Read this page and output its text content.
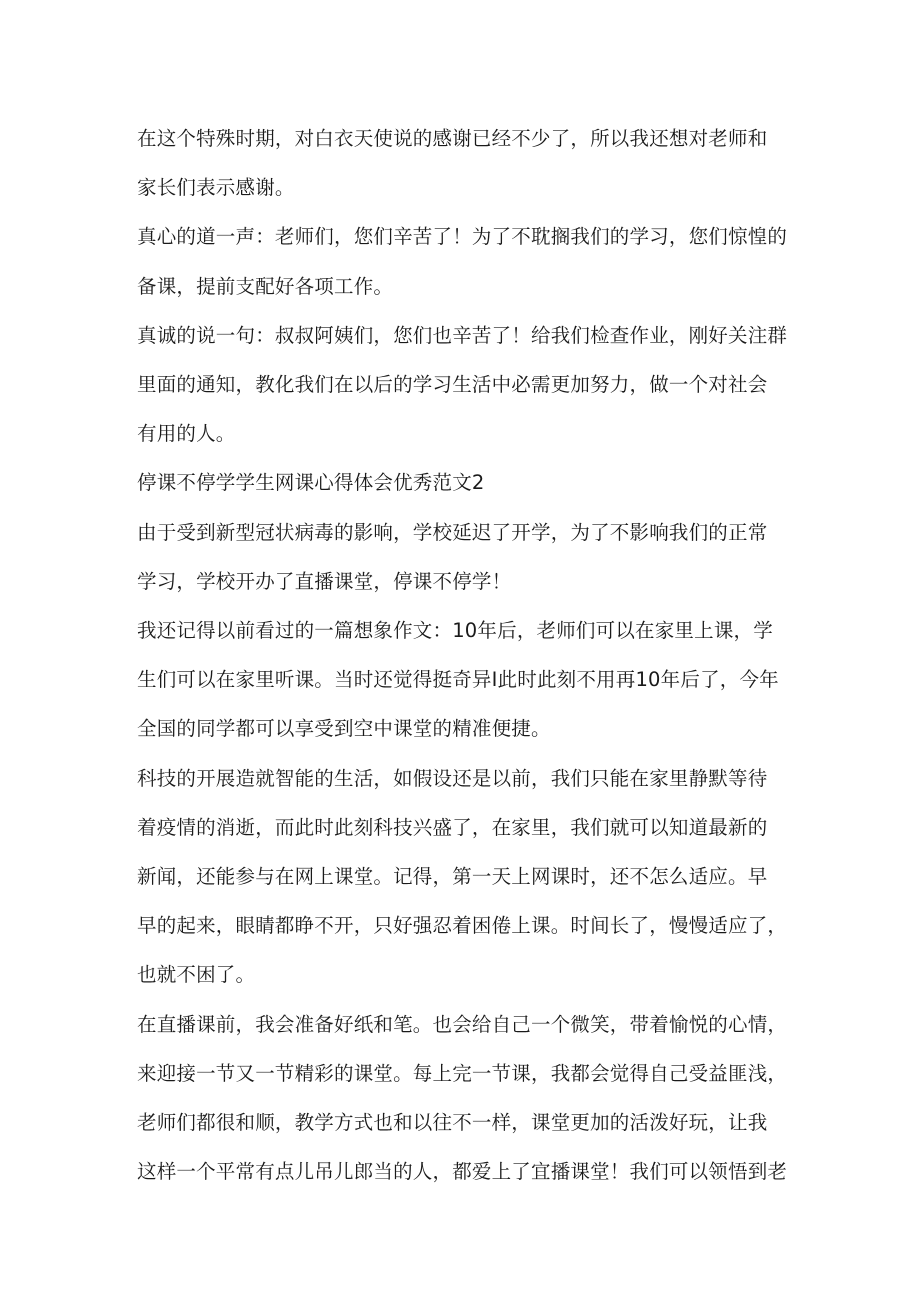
在这个特殊时期，对白衣天使说的感谢已经不少了，所以我还想对老师和
家长们表示感谢。
真心的道一声：老师们，您们辛苦了！为了不耽搁我们的学习，您们惊惶的
备课，提前支配好各项工作。
真诚的说一句：叔叔阿姨们，您们也辛苦了！给我们检查作业，刚好关注群
里面的通知，教化我们在以后的学习生活中必需更加努力，做一个对社会
有用的人。
停课不停学学生网课心得体会优秀范文2
由于受到新型冠状病毒的影响，学校延迟了开学，为了不影响我们的正常
学习，学校开办了直播课堂，停课不停学！
我还记得以前看过的一篇想象作文：10年后，老师们可以在家里上课，学
生们可以在家里听课。当时还觉得挺奇异I此时此刻不用再10年后了，今年
全国的同学都可以享受到空中课堂的精准便捷。
科技的开展造就智能的生活，如假设还是以前，我们只能在家里静默等待
着疫情的消逝，而此时此刻科技兴盛了，在家里，我们就可以知道最新的
新闻，还能参与在网上课堂。记得，第一天上网课时，还不怎么适应。早
早的起来，眼睛都睁不开，只好强忍着困倦上课。时间长了，慢慢适应了，
也就不困了。
在直播课前，我会准备好纸和笔。也会给自己一个微笑，带着愉悦的心情，
来迎接一节又一节精彩的课堂。每上完一节课，我都会觉得自己受益匪浅，
老师们都很和顺，教学方式也和以往不一样，课堂更加的活泼好玩，让我
这样一个平常有点儿吊儿郎当的人，都爱上了宜播课堂！我们可以领悟到老
